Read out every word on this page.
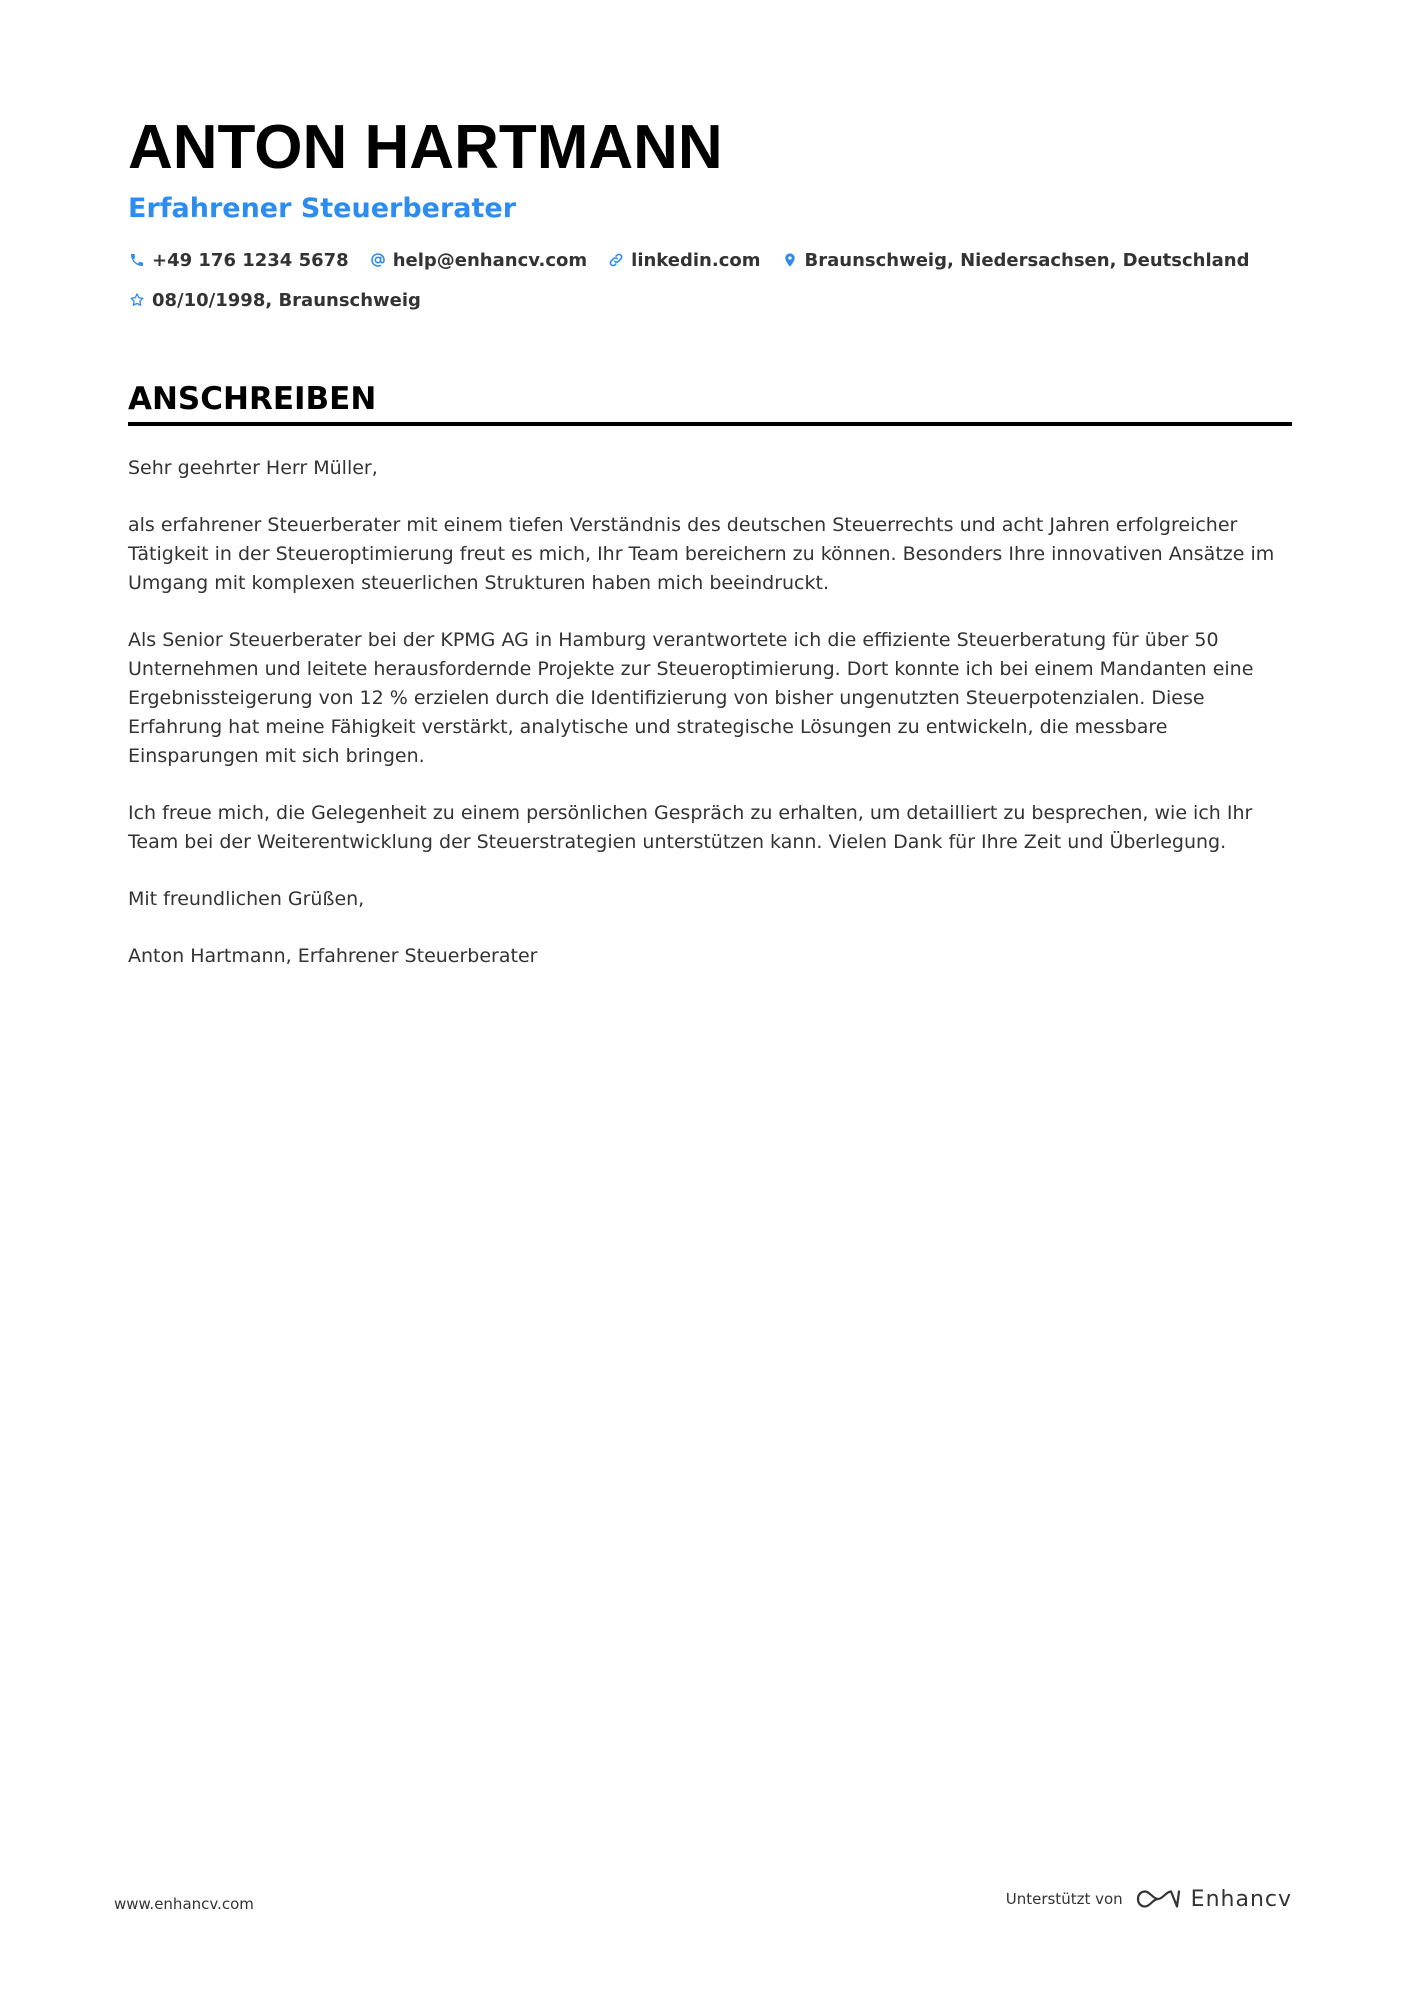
ANTON HARTMANN
Erfahrener Steuerberater
+49 176 1234 5678 help@enhancv.com linkedin.com Braunschweig, Niedersachsen, Deutschland
08/10/1998, Braunschweig
ANSCHREIBEN

Sehr geehrter Herr Müller,

als erfahrener Steuerberater mit einem tiefen Verständnis des deutschen Steuerrechts und acht Jahren erfolgreicher Tätigkeit in der Steueroptimierung freut es mich, Ihr Team bereichern zu können. Besonders Ihre innovativen Ansätze im Umgang mit komplexen steuerlichen Strukturen haben mich beeindruckt.

Als Senior Steuerberater bei der KPMG AG in Hamburg verantwortete ich die effiziente Steuerberatung für über 50 Unternehmen und leitete herausfordernde Projekte zur Steueroptimierung. Dort konnte ich bei einem Mandanten eine Ergebnissteigerung von 12 % erzielen durch die Identifizierung von bisher ungenutzten Steuerpotenzialen. Diese Erfahrung hat meine Fähigkeit verstärkt, analytische und strategische Lösungen zu entwickeln, die messbare Einsparungen mit sich bringen.

Ich freue mich, die Gelegenheit zu einem persönlichen Gespräch zu erhalten, um detailliert zu besprechen, wie ich Ihr Team bei der Weiterentwicklung der Steuerstrategien unterstützen kann. Vielen Dank für Ihre Zeit und Überlegung.

Mit freundlichen Grüßen,

Anton Hartmann, Erfahrener Steuerberater

www.enhancv.com	Unterstützt von	Enhancv
